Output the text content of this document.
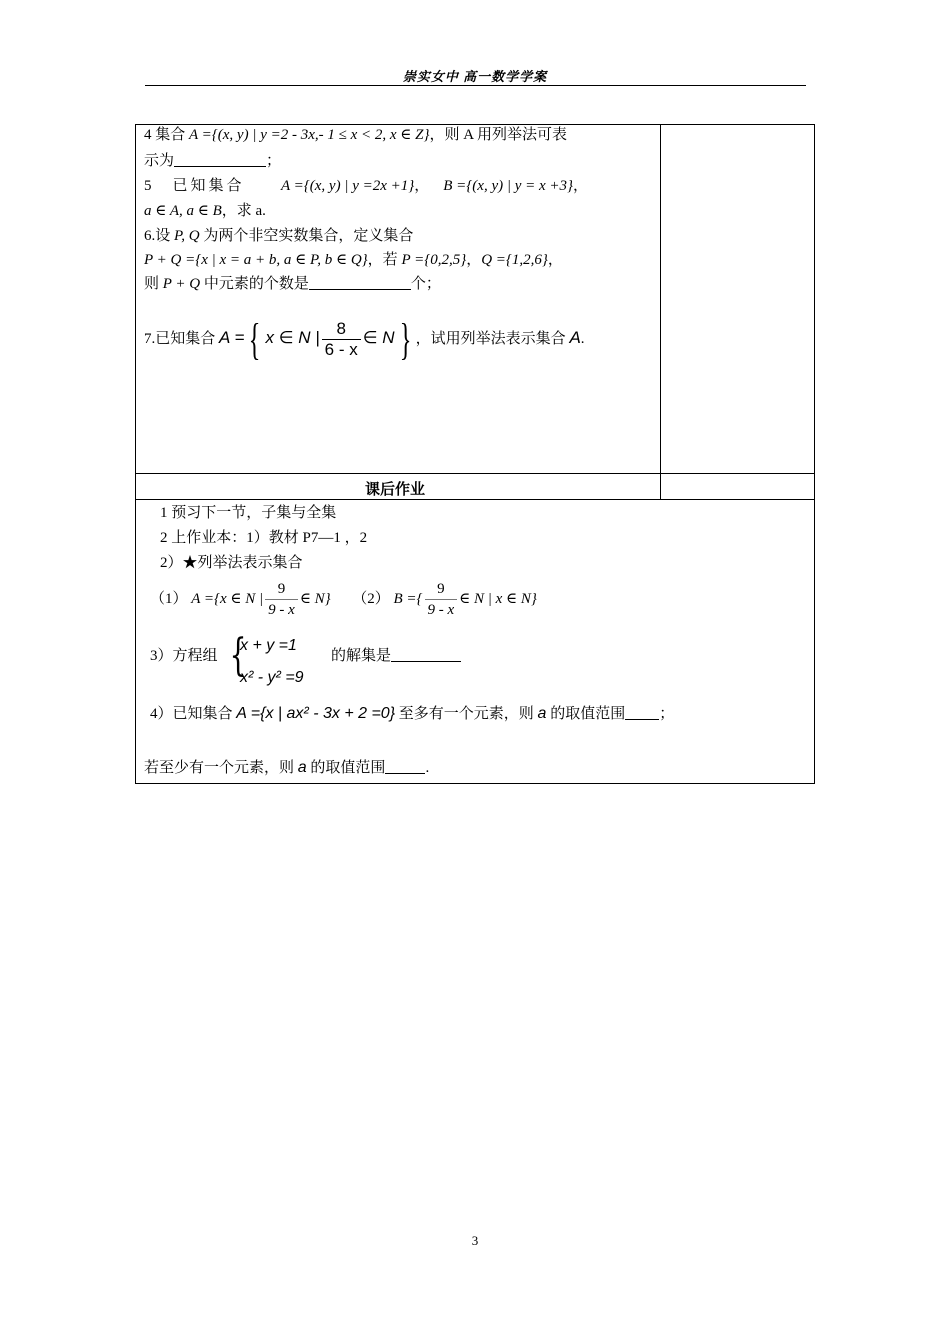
崇实女中 高一数学学案
4 集合 A ={(x, y) | y =2 - 3x,- 1 ≤ x < 2, x ∈ Z}，则 A 用列举法可表
示为	；
5　已知集合 A ={(x, y) | y =2x +1}， B ={(x, y) | y = x +3}，
a ∈ A, a ∈ B，求 a.
6.设 P, Q 为两个非空实数集合，定义集合
P + Q ={x | x = a + b, a ∈ P, b ∈ Q}，若 P ={0,2,5}，Q ={1,2,6}，
则 P + Q 中元素的个数是	个；
7.已知集合 A = { x ∈ N | $\frac{8}{6 - x}$ ∈ N } ，试用列举法表示集合 A.
课后作业
1 预习下一节，子集与全集
2 上作业本：1）教材 P7—1 ，2
2）★列举法表示集合
（1） A ={x ∈ N | $\frac{9}{9 - x}$ ∈ N} （2） B ={ $\frac{9}{9 - x}$ ∈ N | x ∈ N}
3）方程组 {
x + y =1
x² - y² =9
的解集是
4）已知集合 A ={x | ax² - 3x + 2 =0} 至多有一个元素，则 a 的取值范围 ；
若至少有一个元素，则 a 的取值范围	.
3
